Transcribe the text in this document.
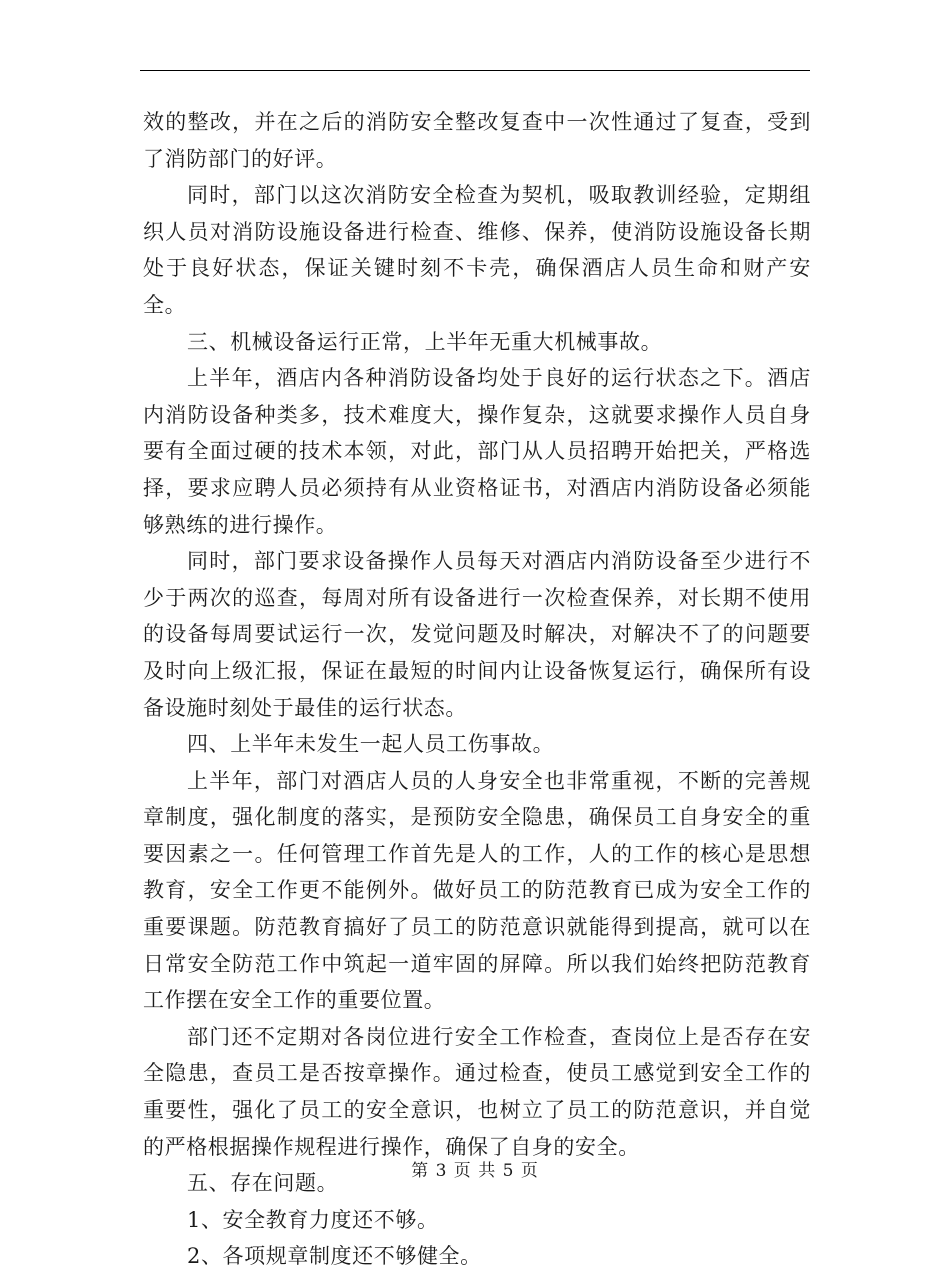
效的整改，并在之后的消防安全整改复查中一次性通过了复查，受到了消防部门的好评。

同时，部门以这次消防安全检查为契机，吸取教训经验，定期组织人员对消防设施设备进行检查、维修、保养，使消防设施设备长期处于良好状态，保证关键时刻不卡壳，确保酒店人员生命和财产安全。

三、机械设备运行正常，上半年无重大机械事故。

上半年，酒店内各种消防设备均处于良好的运行状态之下。酒店内消防设备种类多，技术难度大，操作复杂，这就要求操作人员自身要有全面过硬的技术本领，对此，部门从人员招聘开始把关，严格选择，要求应聘人员必须持有从业资格证书，对酒店内消防设备必须能够熟练的进行操作。

同时，部门要求设备操作人员每天对酒店内消防设备至少进行不少于两次的巡查，每周对所有设备进行一次检查保养，对长期不使用的设备每周要试运行一次，发觉问题及时解决，对解决不了的问题要及时向上级汇报，保证在最短的时间内让设备恢复运行，确保所有设备设施时刻处于最佳的运行状态。

四、上半年未发生一起人员工伤事故。

上半年，部门对酒店人员的人身安全也非常重视，不断的完善规章制度，强化制度的落实，是预防安全隐患，确保员工自身安全的重要因素之一。任何管理工作首先是人的工作，人的工作的核心是思想教育，安全工作更不能例外。做好员工的防范教育已成为安全工作的重要课题。防范教育搞好了员工的防范意识就能得到提高，就可以在日常安全防范工作中筑起一道牢固的屏障。所以我们始终把防范教育工作摆在安全工作的重要位置。

部门还不定期对各岗位进行安全工作检查，查岗位上是否存在安全隐患，查员工是否按章操作。通过检查，使员工感觉到安全工作的重要性，强化了员工的安全意识，也树立了员工的防范意识，并自觉的严格根据操作规程进行操作，确保了自身的安全。

五、存在问题。

1、安全教育力度还不够。

2、各项规章制度还不够健全。

第 3 页 共 5 页
